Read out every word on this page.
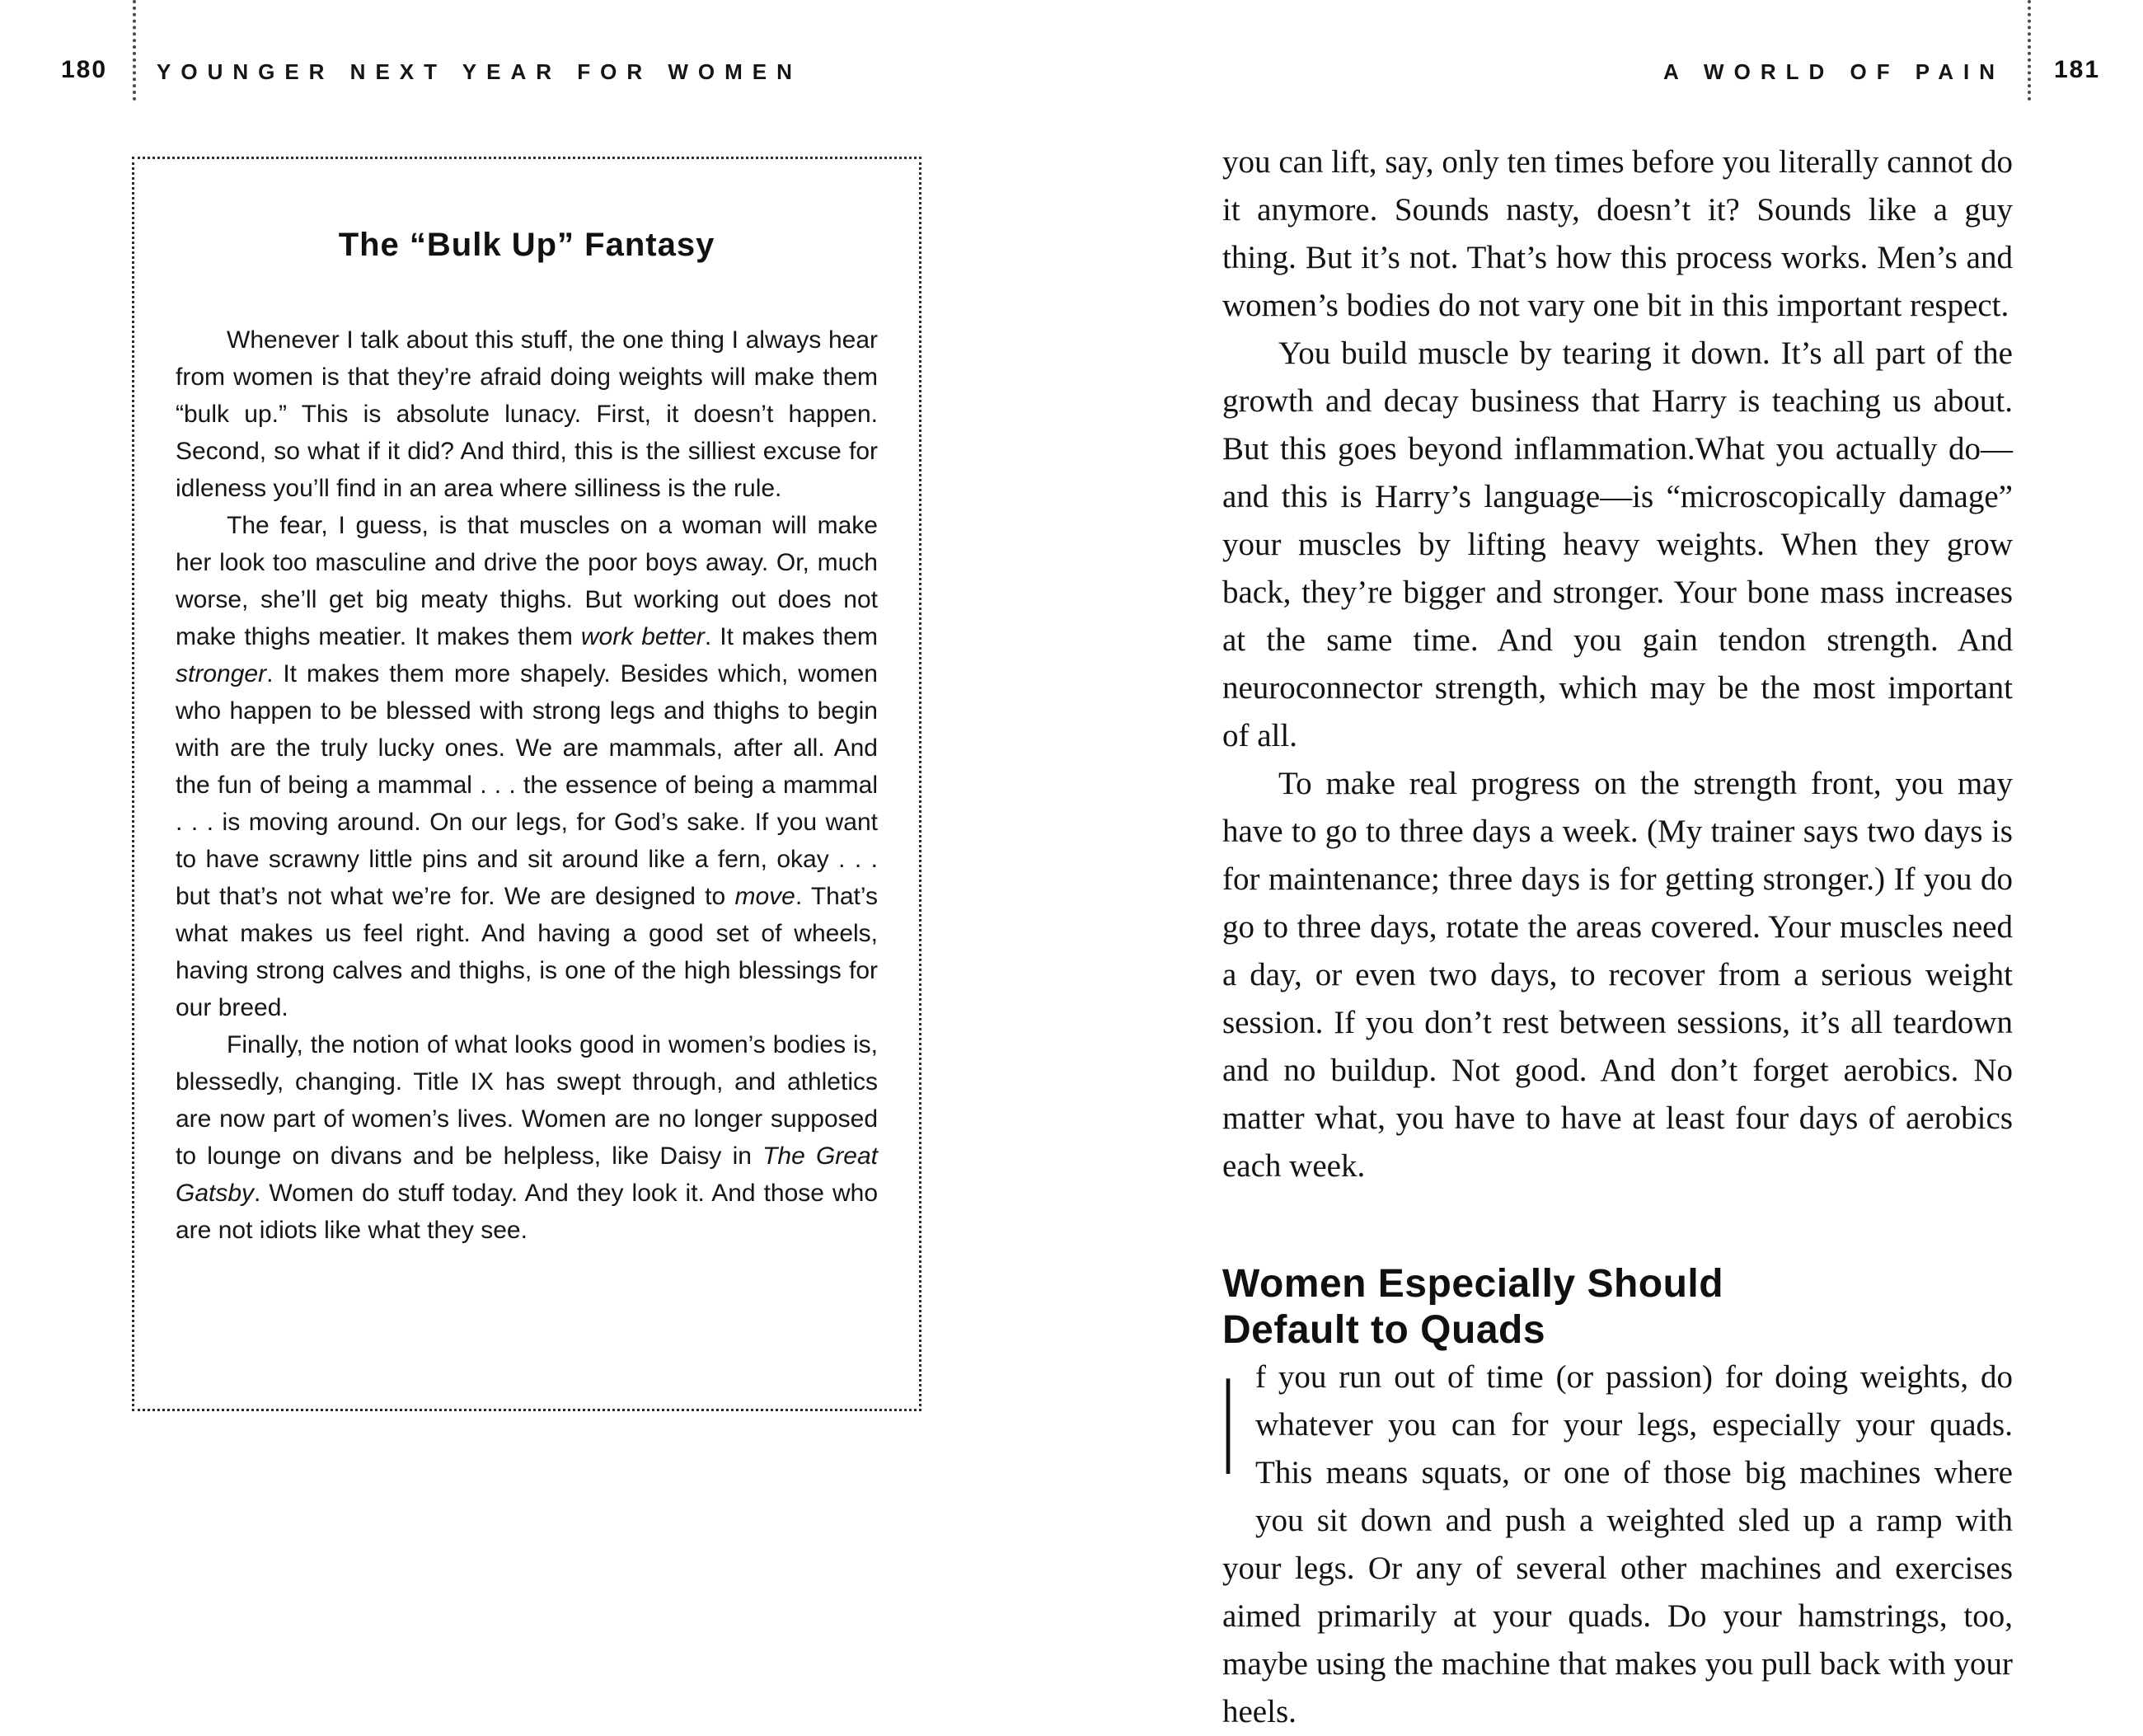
180 YOUNGER NEXT YEAR FOR WOMEN	A WORLD OF PAIN 181
The “Bulk Up” Fantasy

Whenever I talk about this stuff, the one thing I always hear from women is that they’re afraid doing weights will make them “bulk up.” This is absolute lunacy. First, it doesn’t happen. Second, so what if it did? And third, this is the silliest excuse for idleness you’ll find in an area where silliness is the rule.

The fear, I guess, is that muscles on a woman will make her look too masculine and drive the poor boys away. Or, much worse, she’ll get big meaty thighs. But working out does not make thighs meatier. It makes them work better. It makes them stronger. It makes them more shapely. Besides which, women who happen to be blessed with strong legs and thighs to begin with are the truly lucky ones. We are mammals, after all. And the fun of being a mammal . . . the essence of being a mammal . . . is moving around. On our legs, for God’s sake. If you want to have scrawny little pins and sit around like a fern, okay . . . but that’s not what we’re for. We are designed to move. That’s what makes us feel right. And having a good set of wheels, having strong calves and thighs, is one of the high blessings for our breed.

Finally, the notion of what looks good in women’s bodies is, blessedly, changing. Title IX has swept through, and athletics are now part of women’s lives. Women are no longer supposed to lounge on divans and be helpless, like Daisy in The Great Gatsby. Women do stuff today. And they look it. And those who are not idiots like what they see.

you can lift, say, only ten times before you literally cannot do it anymore. Sounds nasty, doesn’t it? Sounds like a guy thing. But it’s not. That’s how this process works. Men’s and women’s bodies do not vary one bit in this important respect.

You build muscle by tearing it down. It’s all part of the growth and decay business that Harry is teaching us about. But this goes beyond inflammation.What you actually do—and this is Harry’s language—is “microscopically damage” your muscles by lifting heavy weights. When they grow back, they’re bigger and stronger. Your bone mass increases at the same time. And you gain tendon strength. And neuroconnector strength, which may be the most important of all.

To make real progress on the strength front, you may have to go to three days a week. (My trainer says two days is for maintenance; three days is for getting stronger.) If you do go to three days, rotate the areas covered. Your muscles need a day, or even two days, to recover from a serious weight session. If you don’t rest between sessions, it’s all teardown and no buildup. Not good. And don’t forget aerobics. No matter what, you have to have at least four days of aerobics each week.

Women Especially Should
Default to Quads

If you run out of time (or passion) for doing weights, do whatever you can for your legs, especially your quads. This means squats, or one of those big machines where you sit down and push a weighted sled up a ramp with your legs. Or any of several other machines and exercises aimed primarily at your quads. Do your hamstrings, too, maybe using the machine that makes you pull back with your heels.
